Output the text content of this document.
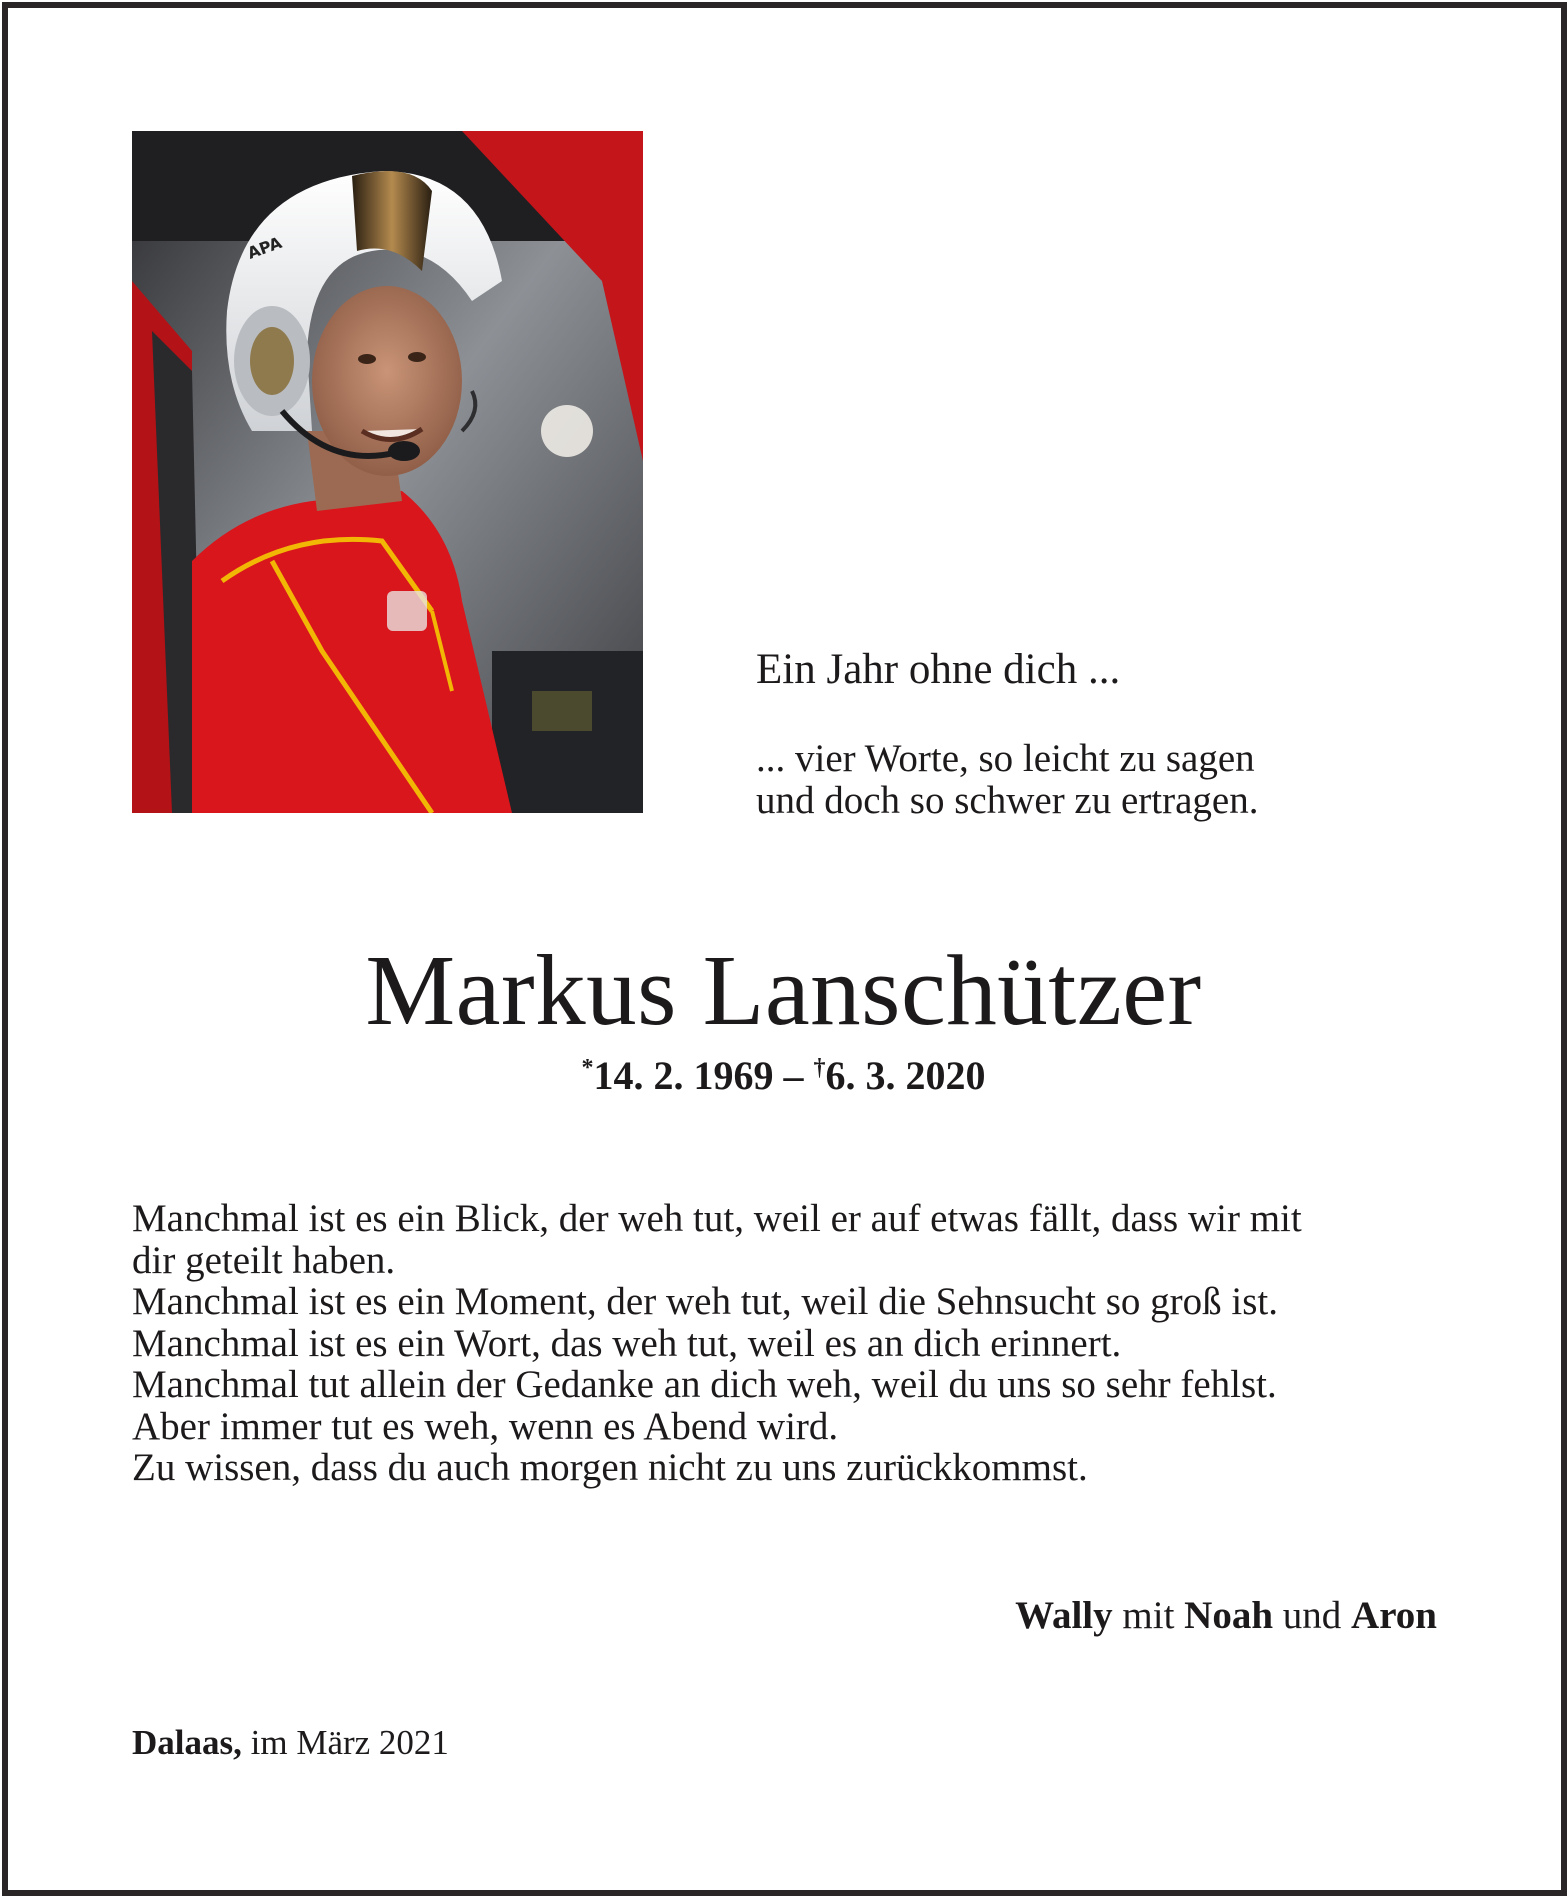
APA
Ein Jahr ohne dich ...
... vier Worte, so leicht zu sagen
und doch so schwer zu ertragen.
Markus Lanschützer
*14. 2. 1969 – †6. 3. 2020
Manchmal ist es ein Blick, der weh tut, weil er auf etwas fällt, dass wir mit
dir geteilt haben.
Manchmal ist es ein Moment, der weh tut, weil die Sehnsucht so groß ist.
Manchmal ist es ein Wort, das weh tut, weil es an dich erinnert.
Manchmal tut allein der Gedanke an dich weh, weil du uns so sehr fehlst.
Aber immer tut es weh, wenn es Abend wird.
Zu wissen, dass du auch morgen nicht zu uns zurückkommst.
Wally mit Noah und Aron
Dalaas, im März 2021
